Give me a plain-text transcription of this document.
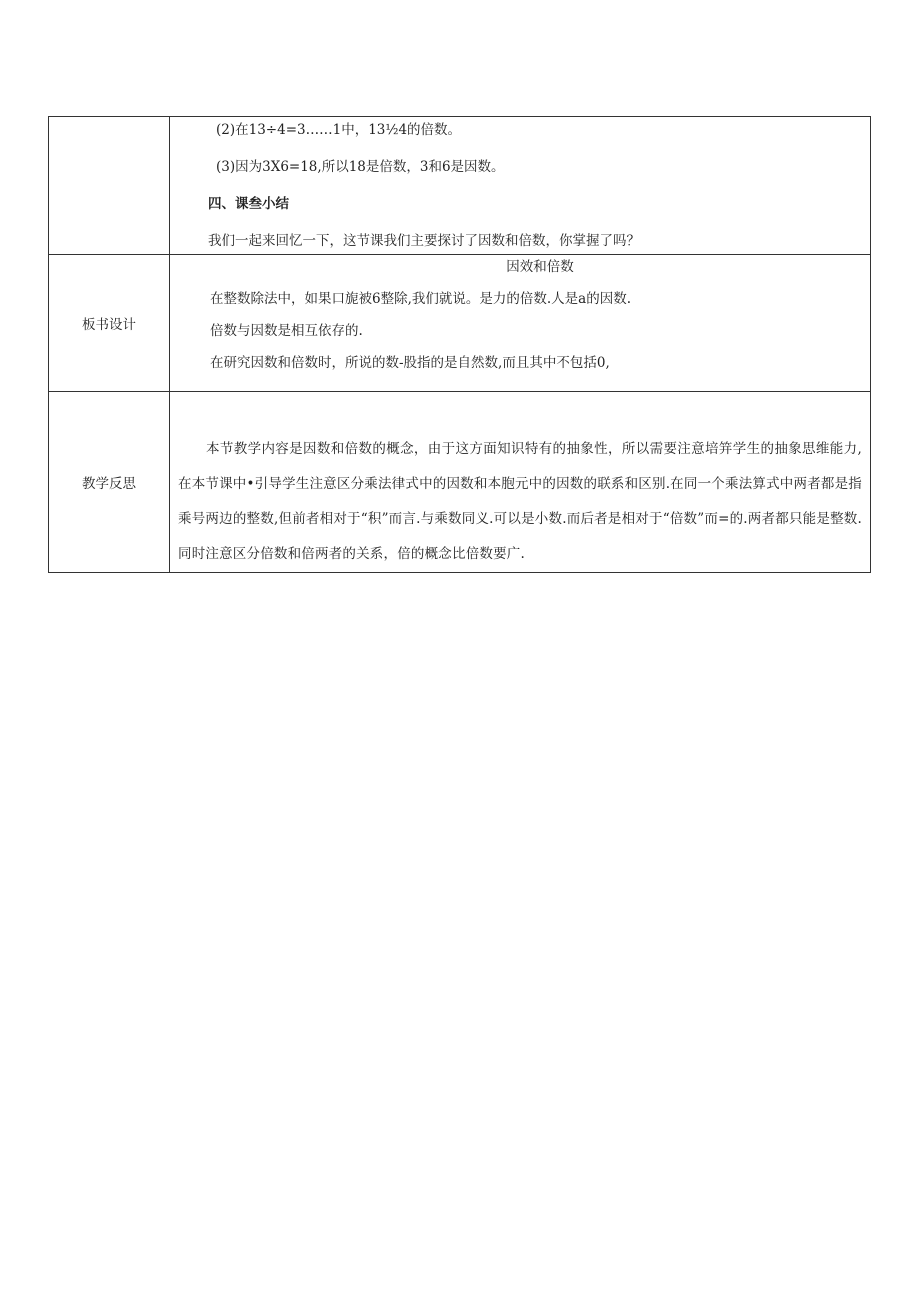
	(2)在13÷4=3……1中，13½4的倍数。
(3)因为3X6=18,所以18是倍数，3和6是因数。
四、课叁小结
我们一起来回忆一下，这节课我们主要探讨了因数和倍数，你掌握了吗？

板书设计	因效和倍数
在整数除法中，如果口旎被6整除,我们就说。是力的倍数.人是a的因数.
倍数与因数是相互依存的.
在研究因数和倍数时，所说的数-股指的是自然数,而且其中不包括0,

教学反思	本节教学内容是因数和倍数的概念，由于这方面知识特有的抽象性，所以需要注意培笄学生的抽象思维能力,在本节课中•引导学生注意区分乘法律式中的因数和本胞元中的因数的联系和区别.在同一个乘法算式中两者都是指乘号两边的整数,但前者相对于“积”而言.与乘数同义.可以是小数.而后者是相对于“倍数”而=的.两者都只能是整数.同时注意区分倍数和倍两者的关系，倍的概念比倍数要广.
